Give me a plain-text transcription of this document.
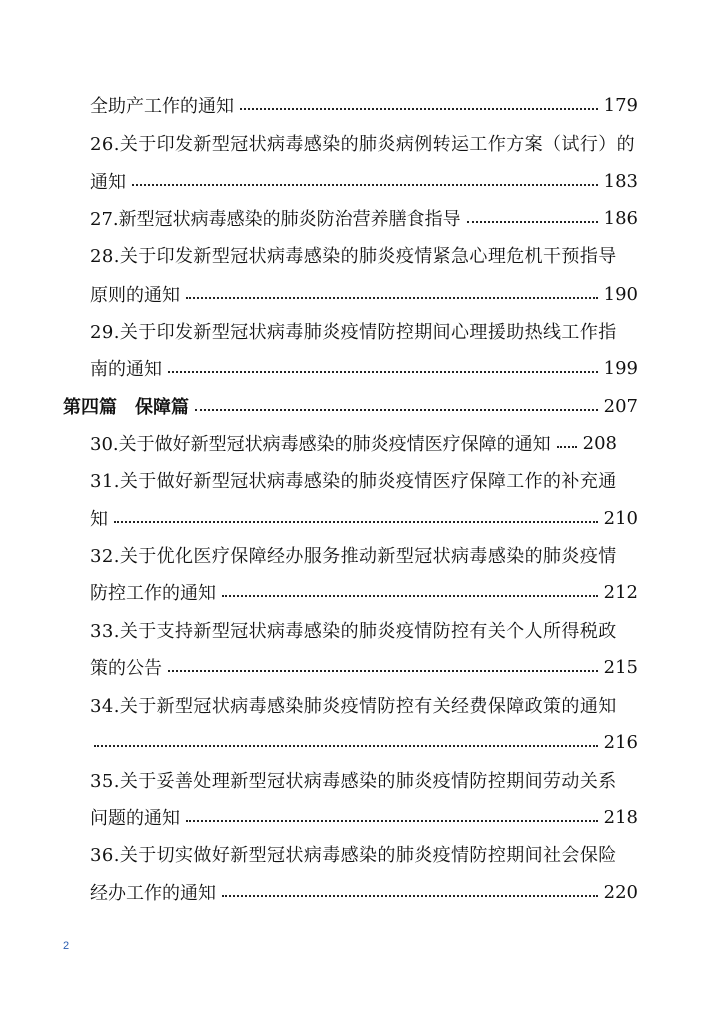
全助产工作的通知	179
26.关于印发新型冠状病毒感染的肺炎病例转运工作方案（试行）的
通知	183
27.新型冠状病毒感染的肺炎防治营养膳食指导	186
28.关于印发新型冠状病毒感染的肺炎疫情紧急心理危机干预指导
原则的通知	190
29.关于印发新型冠状病毒肺炎疫情防控期间心理援助热线工作指
南的通知	199
第四篇　保障篇	207
30.关于做好新型冠状病毒感染的肺炎疫情医疗保障的通知 208
31.关于做好新型冠状病毒感染的肺炎疫情医疗保障工作的补充通
知	210
32.关于优化医疗保障经办服务推动新型冠状病毒感染的肺炎疫情
防控工作的通知	212
33.关于支持新型冠状病毒感染的肺炎疫情防控有关个人所得税政
策的公告	215
34.关于新型冠状病毒感染肺炎疫情防控有关经费保障政策的通知
216
35.关于妥善处理新型冠状病毒感染的肺炎疫情防控期间劳动关系
问题的通知	218
36.关于切实做好新型冠状病毒感染的肺炎疫情防控期间社会保险
经办工作的通知	220
2
